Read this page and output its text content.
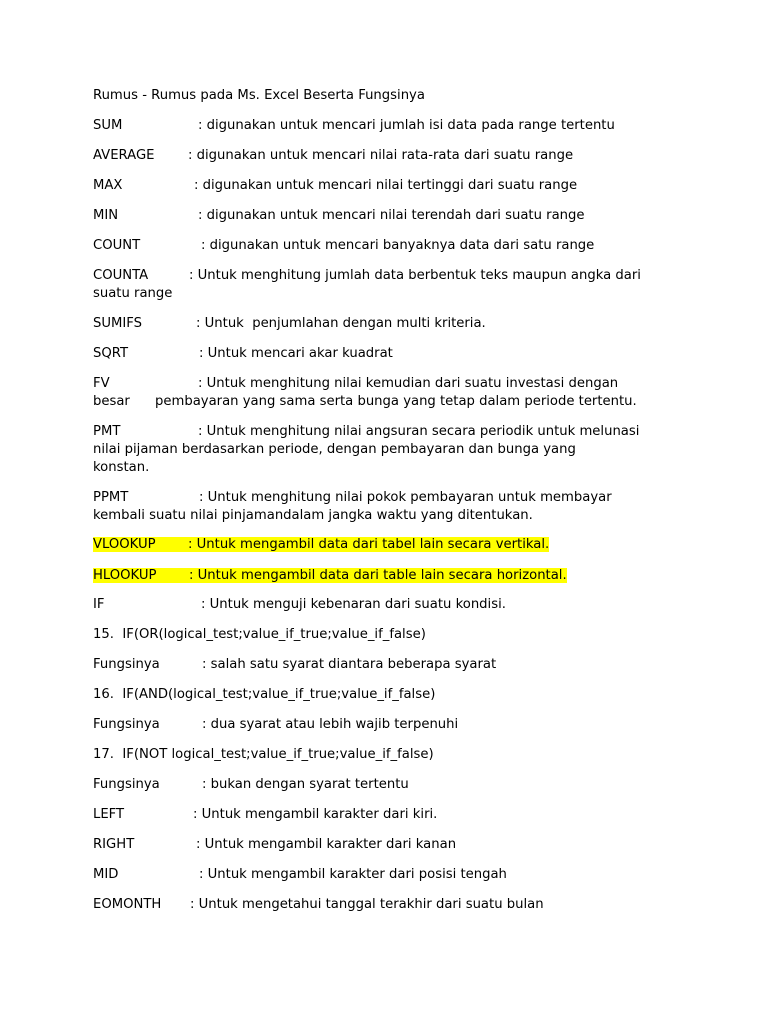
Rumus - Rumus pada Ms. Excel Beserta Fungsinya
SUM	: digunakan untuk mencari jumlah isi data pada range tertentu
AVERAGE	: digunakan untuk mencari nilai rata-rata dari suatu range
MAX	: digunakan untuk mencari nilai tertinggi dari suatu range
MIN	: digunakan untuk mencari nilai terendah dari suatu range
COUNT	: digunakan untuk mencari banyaknya data dari satu range
COUNTA	: Untuk menghitung jumlah data berbentuk teks maupun angka dari
suatu range
SUMIFS	: Untuk  penjumlahan dengan multi kriteria.
SQRT	: Untuk mencari akar kuadrat
FV	: Untuk menghitung nilai kemudian dari suatu investasi dengan
besar      pembayaran yang sama serta bunga yang tetap dalam periode tertentu.
PMT	: Untuk menghitung nilai angsuran secara periodik untuk melunasi
nilai pijaman berdasarkan periode, dengan pembayaran dan bunga yang
konstan.
PPMT	: Untuk menghitung nilai pokok pembayaran untuk membayar
kembali suatu nilai pinjamandalam jangka waktu yang ditentukan.
VLOOKUP : Untuk mengambil data dari tabel lain secara vertikal.
HLOOKUP : Untuk mengambil data dari table lain secara horizontal.
IF	: Untuk menguji kebenaran dari suatu kondisi.
15.  IF(OR(logical_test;value_if_true;value_if_false)
Fungsinya	: salah satu syarat diantara beberapa syarat
16.  IF(AND(logical_test;value_if_true;value_if_false)
Fungsinya	: dua syarat atau lebih wajib terpenuhi
17.  IF(NOT logical_test;value_if_true;value_if_false)
Fungsinya	: bukan dengan syarat tertentu
LEFT	: Untuk mengambil karakter dari kiri.
RIGHT	: Untuk mengambil karakter dari kanan
MID	: Untuk mengambil karakter dari posisi tengah
EOMONTH : Untuk mengetahui tanggal terakhir dari suatu bulan
